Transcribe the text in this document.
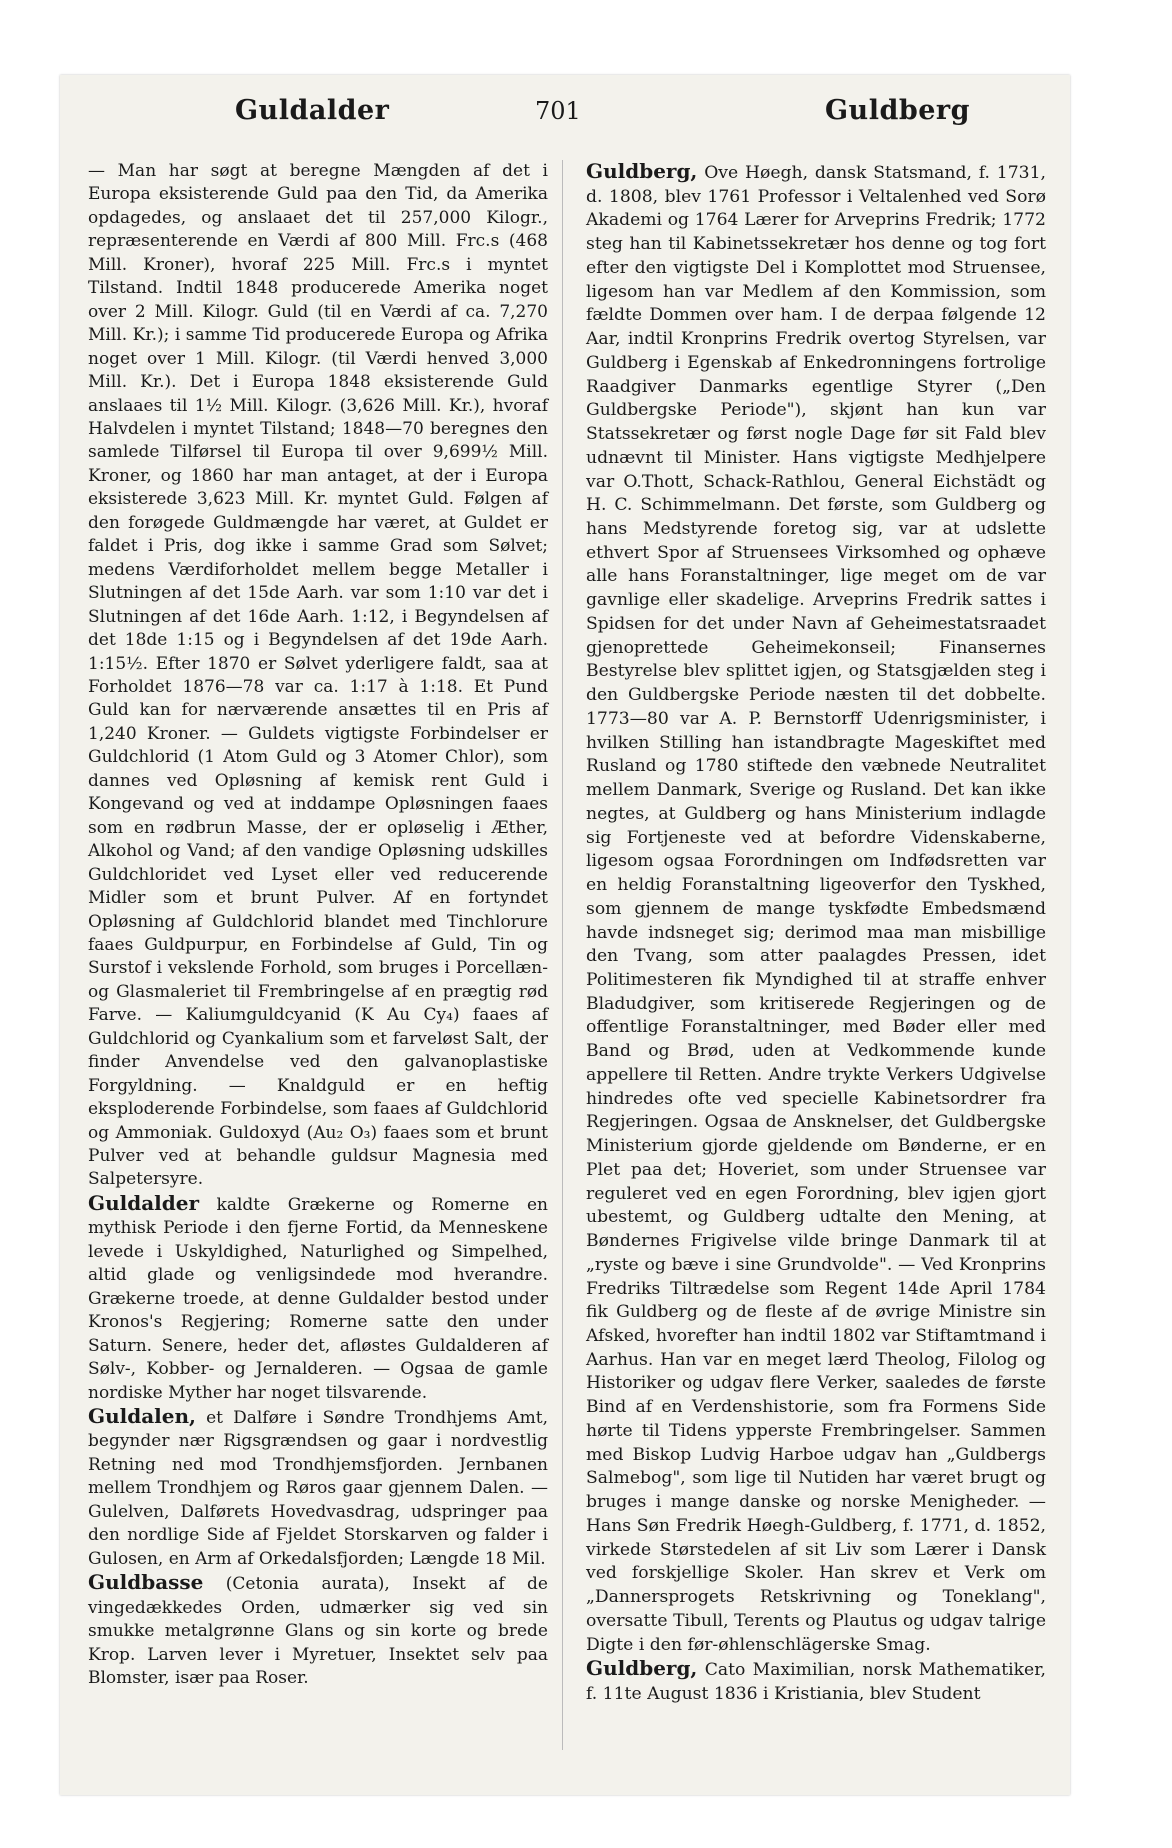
Guldalder	701	Guldberg

— Man har søgt at beregne Mængden af det i Europa eksisterende Guld paa den Tid, da Amerika opdagedes, og anslaaet det til 257,000 Kilogr., repræsenterende en Værdi af 800 Mill. Frc.s (468 Mill. Kroner), hvoraf 225 Mill. Frc.s i myntet Tilstand. Indtil 1848 producerede Amerika noget over 2 Mill. Kilogr. Guld (til en Værdi af ca. 7,270 Mill. Kr.); i samme Tid producerede Europa og Afrika noget over 1 Mill. Kilogr. (til Værdi henved 3,000 Mill. Kr.). Det i Europa 1848 eksisterende Guld anslaaes til 1½ Mill. Kilogr. (3,626 Mill. Kr.), hvoraf Halvdelen i myntet Tilstand; 1848—70 beregnes den samlede Tilførsel til Europa til over 9,699½ Mill. Kroner, og 1860 har man antaget, at der i Europa eksisterede 3,623 Mill. Kr. myntet Guld. Følgen af den forøgede Guldmængde har været, at Guldet er faldet i Pris, dog ikke i samme Grad som Sølvet; medens Værdiforholdet mellem begge Metaller i Slutningen af det 15de Aarh. var som 1:10 var det i Slutningen af det 16de Aarh. 1:12, i Begyndelsen af det 18de 1:15 og i Begyndelsen af det 19de Aarh. 1:15½. Efter 1870 er Sølvet yderligere faldt, saa at Forholdet 1876—78 var ca. 1:17 à 1:18. Et Pund Guld kan for nærværende ansættes til en Pris af 1,240 Kroner. — Guldets vigtigste Forbindelser er Guldchlorid (1 Atom Guld og 3 Atomer Chlor), som dannes ved Opløsning af kemisk rent Guld i Kongevand og ved at inddampe Opløsningen faaes som en rødbrun Masse, der er opløselig i Æther, Alkohol og Vand; af den vandige Opløsning udskilles Guldchloridet ved Lyset eller ved reducerende Midler som et brunt Pulver. Af en fortyndet Opløsning af Guldchlorid blandet med Tinchlorure faaes Guldpurpur, en Forbindelse af Guld, Tin og Surstof i vekslende Forhold, som bruges i Porcellæn- og Glasmaleriet til Frembringelse af en prægtig rød Farve. — Kaliumguldcyanid (K Au Cy₄) faaes af Guldchlorid og Cyankalium som et farveløst Salt, der finder Anvendelse ved den galvanoplastiske Forgyldning. — Knaldguld er en heftig eksploderende Forbindelse, som faaes af Guldchlorid og Ammoniak. Guldoxyd (Au₂ O₃) faaes som et brunt Pulver ved at behandle guldsur Magnesia med Salpetersyre.

Guldalder kaldte Grækerne og Romerne en mythisk Periode i den fjerne Fortid, da Menneskene levede i Uskyldighed, Naturlighed og Simpelhed, altid glade og venligsindede mod hverandre. Grækerne troede, at denne Guldalder bestod under Kronos's Regjering; Romerne satte den under Saturn. Senere, heder det, afløstes Guldalderen af Sølv-, Kobber- og Jernalderen. — Ogsaa de gamle nordiske Myther har noget tilsvarende.

Guldalen, et Dalføre i Søndre Trondhjems Amt, begynder nær Rigsgrændsen og gaar i nordvestlig Retning ned mod Trondhjemsfjorden. Jernbanen mellem Trondhjem og Røros gaar gjennem Dalen. — Gulelven, Dalførets Hovedvasdrag, udspringer paa den nordlige Side af Fjeldet Storskarven og falder i Gulosen, en Arm af Orkedalsfjorden; Længde 18 Mil.

Guldbasse (Cetonia aurata), Insekt af de vingedækkedes Orden, udmærker sig ved sin smukke metalgrønne Glans og sin korte og brede Krop. Larven lever i Myretuer, Insektet selv paa Blomster, især paa Roser.

Guldberg, Ove Høegh, dansk Statsmand, f. 1731, d. 1808, blev 1761 Professor i Veltalenhed ved Sorø Akademi og 1764 Lærer for Arveprins Fredrik; 1772 steg han til Kabinetssekretær hos denne og tog fort efter den vigtigste Del i Komplottet mod Struensee, ligesom han var Medlem af den Kommission, som fældte Dommen over ham. I de derpaa følgende 12 Aar, indtil Kronprins Fredrik overtog Styrelsen, var Guldberg i Egenskab af Enkedronningens fortrolige Raadgiver Danmarks egentlige Styrer („Den Guldbergske Periode"), skjønt han kun var Statssekretær og først nogle Dage før sit Fald blev udnævnt til Minister. Hans vigtigste Medhjelpere var O.Thott, Schack-Rathlou, General Eichstädt og H. C. Schimmelmann. Det første, som Guldberg og hans Medstyrende foretog sig, var at udslette ethvert Spor af Struensees Virksomhed og ophæve alle hans Foranstaltninger, lige meget om de var gavnlige eller skadelige. Arveprins Fredrik sattes i Spidsen for det under Navn af Geheimestatsraadet gjenoprettede Geheimekonseil; Finansernes Bestyrelse blev splittet igjen, og Statsgjælden steg i den Guldbergske Periode næsten til det dobbelte. 1773—80 var A. P. Bernstorff Udenrigsminister, i hvilken Stilling han istandbragte Mageskiftet med Rusland og 1780 stiftede den væbnede Neutralitet mellem Danmark, Sverige og Rusland. Det kan ikke negtes, at Guldberg og hans Ministerium indlagde sig Fortjeneste ved at befordre Videnskaberne, ligesom ogsaa Forordningen om Indfødsretten var en heldig Foranstaltning ligeoverfor den Tyskhed, som gjennem de mange tyskfødte Embedsmænd havde indsneget sig; derimod maa man misbillige den Tvang, som atter paalagdes Pressen, idet Politimesteren fik Myndighed til at straffe enhver Bladudgiver, som kritiserede Regjeringen og de offentlige Foranstaltninger, med Bøder eller med Band og Brød, uden at Vedkommende kunde appellere til Retten. Andre trykte Verkers Udgivelse hindredes ofte ved specielle Kabinetsordrer fra Regjeringen. Ogsaa de Ansknelser, det Guldbergske Ministerium gjorde gjeldende om Bønderne, er en Plet paa det; Hoveriet, som under Struensee var reguleret ved en egen Forordning, blev igjen gjort ubestemt, og Guldberg udtalte den Mening, at Bøndernes Frigivelse vilde bringe Danmark til at „ryste og bæve i sine Grundvolde". — Ved Kronprins Fredriks Tiltrædelse som Regent 14de April 1784 fik Guldberg og de fleste af de øvrige Ministre sin Afsked, hvorefter han indtil 1802 var Stiftamtmand i Aarhus. Han var en meget lærd Theolog, Filolog og Historiker og udgav flere Verker, saaledes de første Bind af en Verdenshistorie, som fra Formens Side hørte til Tidens ypperste Frembringelser. Sammen med Biskop Ludvig Harboe udgav han „Guldbergs Salmebog", som lige til Nutiden har været brugt og bruges i mange danske og norske Menigheder. — Hans Søn Fredrik Høegh-Guldberg, f. 1771, d. 1852, virkede Størstedelen af sit Liv som Lærer i Dansk ved forskjellige Skoler. Han skrev et Verk om „Dannersprogets Retskrivning og Toneklang", oversatte Tibull, Terents og Plautus og udgav talrige Digte i den før-øhlenschlägerske Smag.

Guldberg, Cato Maximilian, norsk Mathematiker, f. 11te August 1836 i Kristiania, blev Student
